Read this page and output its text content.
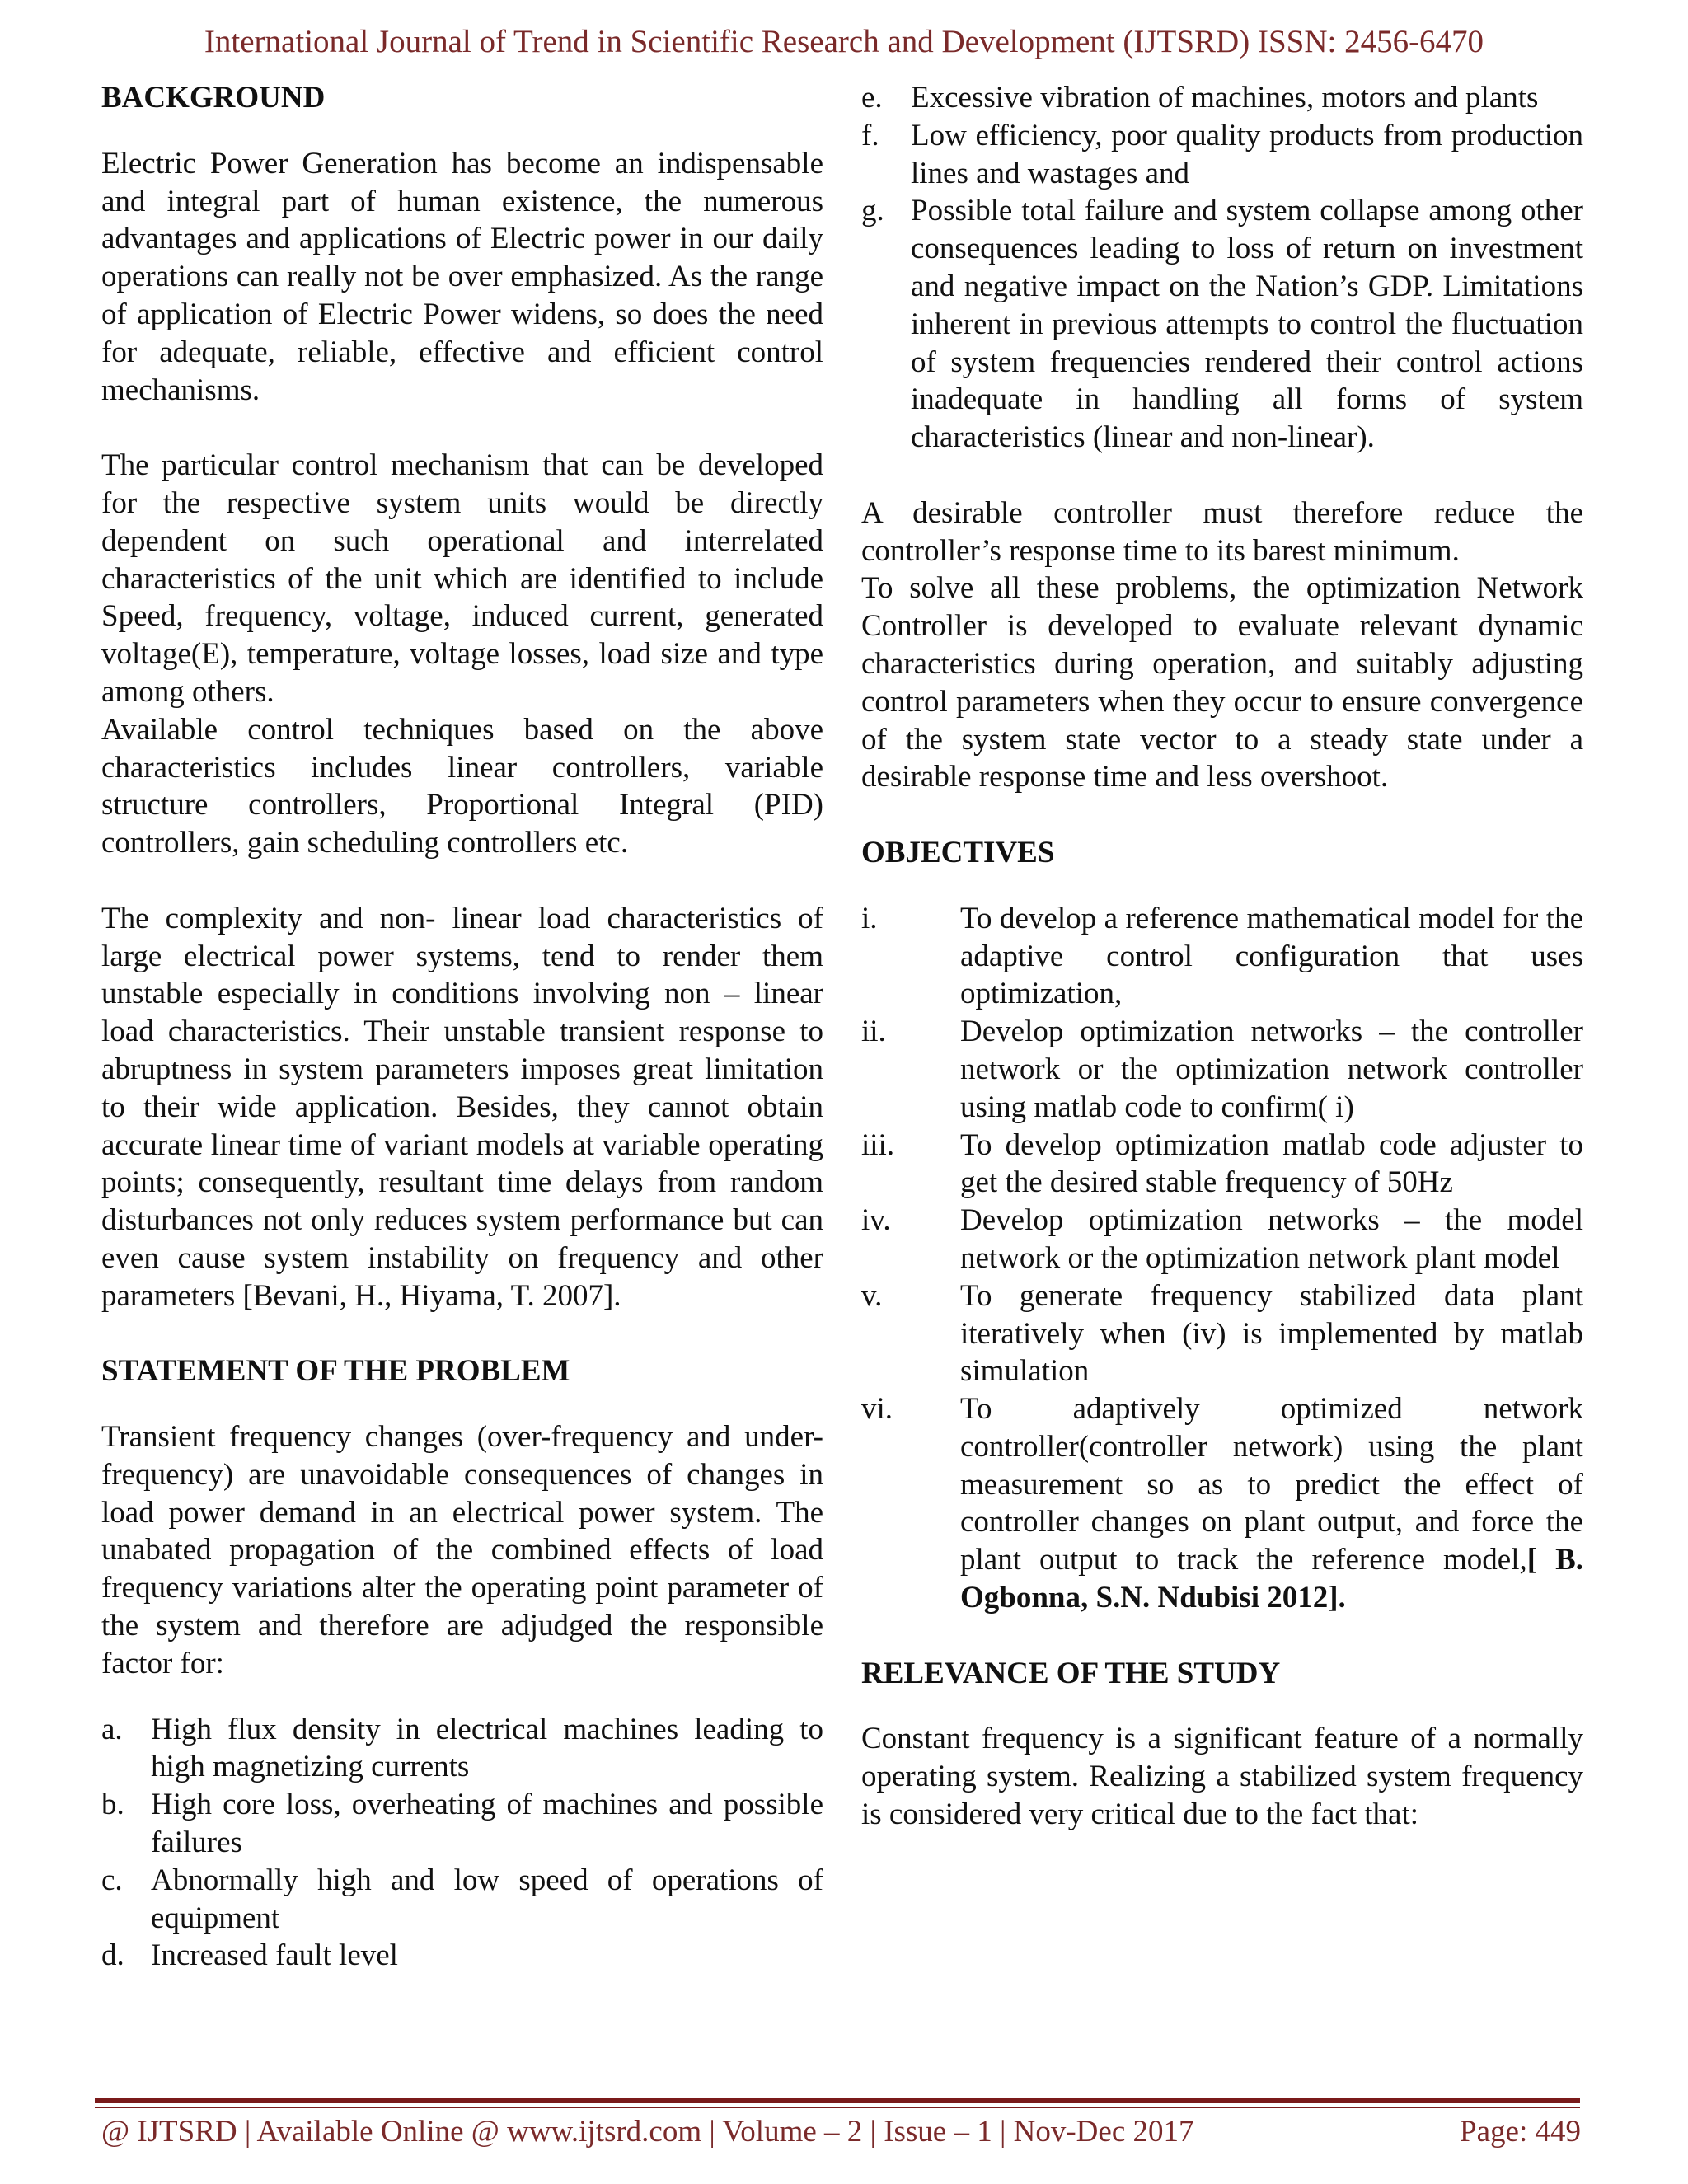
International Journal of Trend in Scientific Research and Development (IJTSRD) ISSN: 2456-6470
BACKGROUND

Electric Power Generation has become an indispensable and integral part of human existence, the numerous advantages and applications of Electric power in our daily operations can really not be over emphasized. As the range of application of Electric Power widens, so does the need for adequate, reliable, effective and efficient control mechanisms.

The particular control mechanism that can be developed for the respective system units would be directly dependent on such operational and interrelated characteristics of the unit which are identified to include Speed, frequency, voltage, induced current, generated voltage(E), temperature, voltage losses, load size and type among others.

Available control techniques based on the above characteristics includes linear controllers, variable structure controllers, Proportional Integral (PID) controllers, gain scheduling controllers etc.

The complexity and non- linear load characteristics of large electrical power systems, tend to render them unstable especially in conditions involving non – linear load characteristics. Their unstable transient response to abruptness in system parameters imposes great limitation to their wide application. Besides, they cannot obtain accurate linear time of variant models at variable operating points; consequently, resultant time delays from random disturbances not only reduces system performance but can even cause system instability on frequency and other parameters [Bevani, H., Hiyama, T. 2007].

STATEMENT OF THE PROBLEM

Transient frequency changes (over-frequency and under-frequency) are unavoidable consequences of changes in load power demand in an electrical power system. The unabated propagation of the combined effects of load frequency variations alter the operating point parameter of the system and therefore are adjudged the responsible factor for:

a. High flux density in electrical machines leading to high magnetizing currents
b. High core loss, overheating of machines and possible failures
c. Abnormally high and low speed of operations of equipment
d. Increased fault level
e. Excessive vibration of machines, motors and plants
f. Low efficiency, poor quality products from production lines and wastages and
g. Possible total failure and system collapse among other consequences leading to loss of return on investment and negative impact on the Nation’s GDP. Limitations inherent in previous attempts to control the fluctuation of system frequencies rendered their control actions inadequate in handling all forms of system characteristics (linear and non-linear).

A desirable controller must therefore reduce the controller’s response time to its barest minimum.

To solve all these problems, the optimization Network Controller is developed to evaluate relevant dynamic characteristics during operation, and suitably adjusting control parameters when they occur to ensure convergence of the system state vector to a steady state under a desirable response time and less overshoot.

OBJECTIVES
i.	To develop a reference mathematical model for the adaptive control configuration that uses optimization,
ii. Develop optimization networks – the controller network or the optimization network controller using matlab code to confirm( i)
iii. To develop optimization matlab code adjuster to get the desired stable frequency of 50Hz
iv. Develop optimization networks – the model network or the optimization network plant model
v.	To generate frequency stabilized data plant iteratively when (iv) is implemented by matlab simulation
vi. To adaptively optimized network controller(controller network) using the plant measurement so as to predict the effect of controller changes on plant output, and force the plant output to track the reference model,[ B. Ogbonna, S.N. Ndubisi 2012].
RELEVANCE OF THE STUDY

Constant frequency is a significant feature of a normally operating system. Realizing a stabilized system frequency is considered very critical due to the fact that:

@ IJTSRD | Available Online @ www.ijtsrd.com | Volume – 2 | Issue – 1 | Nov-Dec 2017	Page: 449
